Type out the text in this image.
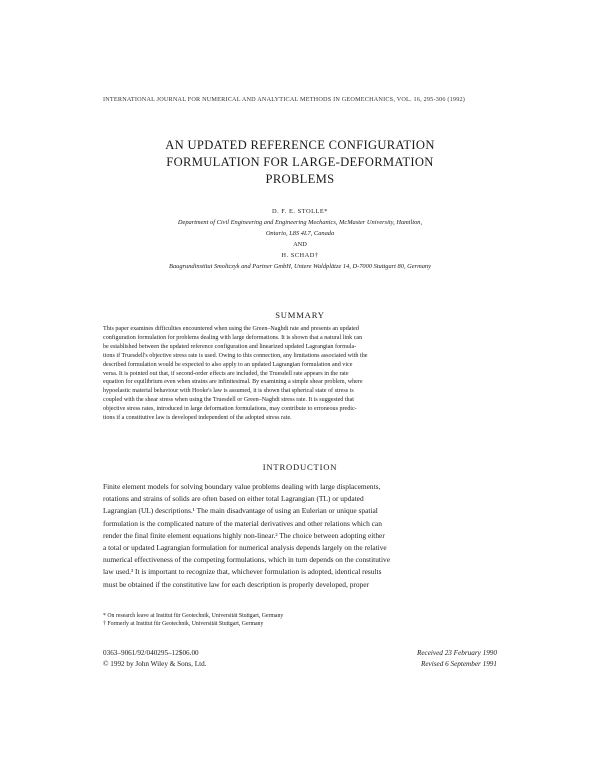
INTERNATIONAL JOURNAL FOR NUMERICAL AND ANALYTICAL METHODS IN GEOMECHANICS, VOL. 16, 295-306 (1992)
AN UPDATED REFERENCE CONFIGURATION
FORMULATION FOR LARGE-DEFORMATION
PROBLEMS
D. F. E. STOLLE*
Department of Civil Engineering and Engineering Mechanics, McMaster University, Hamilton,
Ontario, L8S 4L7, Canada
AND
H. SCHAD†
Baugrundinstitut Smoltczyk and Partner GmbH, Untere Waldplätze 14, D-7000 Stuttgart 80, Germany
SUMMARY
This paper examines difficulties encountered when using the Green–Naghdi rate and presents an updated
configuration formulation for problems dealing with large deformations. It is shown that a natural link can
be established between the updated reference configuration and linearized updated Lagrangian formula-
tions if Truesdell's objective stress rate is used. Owing to this connection, any limitations associated with the
described formulation would be expected to also apply to an updated Lagrangian formulation and vice
versa. It is pointed out that, if second-order effects are included, the Truesdell rate appears in the rate
equation for equilibrium even when strains are infinitesimal. By examining a simple shear problem, where
hypoelastic material behaviour with Hooke's law is assumed, it is shown that spherical state of stress is
coupled with the shear stress when using the Truesdell or Green–Naghdi stress rate. It is suggested that
objective stress rates, introduced in large deformation formulations, may contribute to erroneous predic-
tions if a constitutive law is developed independent of the adopted stress rate.
INTRODUCTION
Finite element models for solving boundary value problems dealing with large displacements,
rotations and strains of solids are often based on either total Lagrangian (TL) or updated
Lagrangian (UL) descriptions.¹ The main disadvantage of using an Eulerian or unique spatial
formulation is the complicated nature of the material derivatives and other relations which can
render the final finite element equations highly non-linear.² The choice between adopting either
a total or updated Lagrangian formulation for numerical analysis depends largely on the relative
numerical effectiveness of the competing formulations, which in turn depends on the constitutive
law used.³ It is important to recognize that, whichever formulation is adopted, identical results
must be obtained if the constitutive law for each description is properly developed, proper
* On research leave at Institut für Geotechnik, Universität Stuttgart, Germany
† Formerly at Institut für Geotechnik, Universität Stuttgart, Germany
0363–9061/92/040295–12$06.00
© 1992 by John Wiley & Sons, Ltd.
Received 23 February 1990
Revised 6 September 1991
